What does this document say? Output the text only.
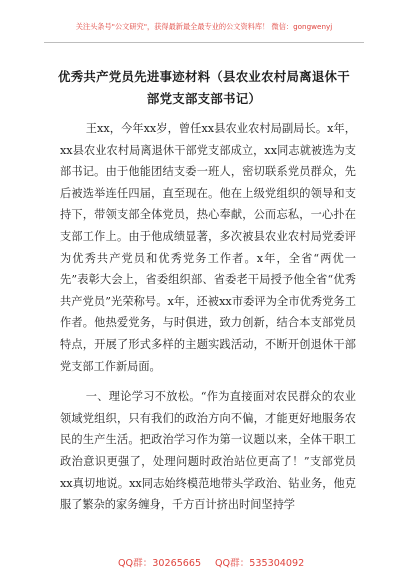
关注头条号"公文研究"，获得最新最全最专业的公文资料库！ 微信：gongwenyj
优秀共产党员先进事迹材料（县农业农村局离退休干部党支部支部书记）

王xx，今年xx岁，曾任xx县农业农村局副局长。x年，xx县农业农村局离退休干部党支部成立，xx同志就被选为支部书记。由于他能团结支委一班人，密切联系党员群众，先后被选举连任四届，直至现在。他在上级党组织的领导和支持下，带领支部全体党员，热心奉献，公而忘私，一心扑在支部工作上。由于他成绩显著，多次被县农业农村局党委评为优秀共产党员和优秀党务工作者。x年，全省“两优一先”表彰大会上，省委组织部、省委老干局授予他全省“优秀共产党员”光荣称号。x年，还被xx市委评为全市优秀党务工作者。他热爱党务，与时俱进，致力创新，结合本支部党员特点，开展了形式多样的主题实践活动，不断开创退休干部党支部工作新局面。

一、理论学习不放松。“作为直接面对农民群众的农业领域党组织，只有我们的政治方向不偏，才能更好地服务农民的生产生活。把政治学习作为第一议题以来，全体干职工政治意识更强了，处理问题时政治站位更高了！”支部党员xx真切地说。xx同志始终模范地带头学政治、钻业务，他克服了繁杂的家务缠身，千方百计挤出时间坚持学

QQ群：30265665 QQ群：535304092
